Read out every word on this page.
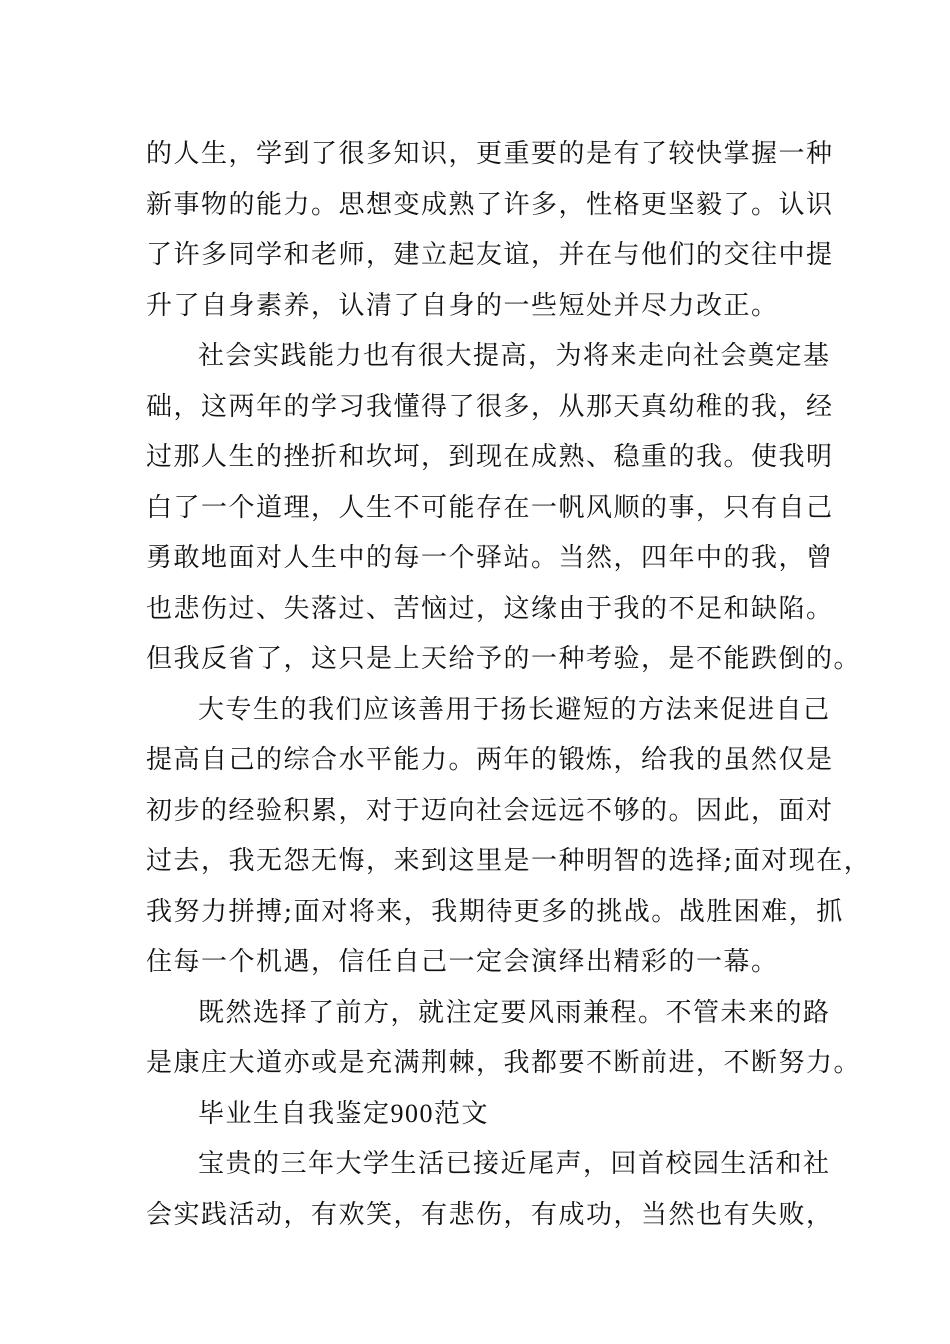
的人生，学到了很多知识，更重要的是有了较快掌握一种
新事物的能力。思想变成熟了许多，性格更坚毅了。认识
了许多同学和老师，建立起友谊，并在与他们的交往中提
升了自身素养，认清了自身的一些短处并尽力改正。

社会实践能力也有很大提高，为将来走向社会奠定基
础，这两年的学习我懂得了很多，从那天真幼稚的我，经
过那人生的挫折和坎坷，到现在成熟、稳重的我。使我明
白了一个道理，人生不可能存在一帆风顺的事，只有自己
勇敢地面对人生中的每一个驿站。当然，四年中的我，曾
也悲伤过、失落过、苦恼过，这缘由于我的不足和缺陷。
但我反省了，这只是上天给予的一种考验，是不能跌倒的。

大专生的我们应该善用于扬长避短的方法来促进自己
提高自己的综合水平能力。两年的锻炼，给我的虽然仅是
初步的经验积累，对于迈向社会远远不够的。因此，面对
过去，我无怨无悔，来到这里是一种明智的选择;面对现在，
我努力拼搏;面对将来，我期待更多的挑战。战胜困难，抓
住每一个机遇，信任自己一定会演绎出精彩的一幕。

既然选择了前方，就注定要风雨兼程。不管未来的路
是康庄大道亦或是充满荆棘，我都要不断前进，不断努力。

毕业生自我鉴定900范文

宝贵的三年大学生活已接近尾声，回首校园生活和社
会实践活动，有欢笑，有悲伤，有成功，当然也有失败，
